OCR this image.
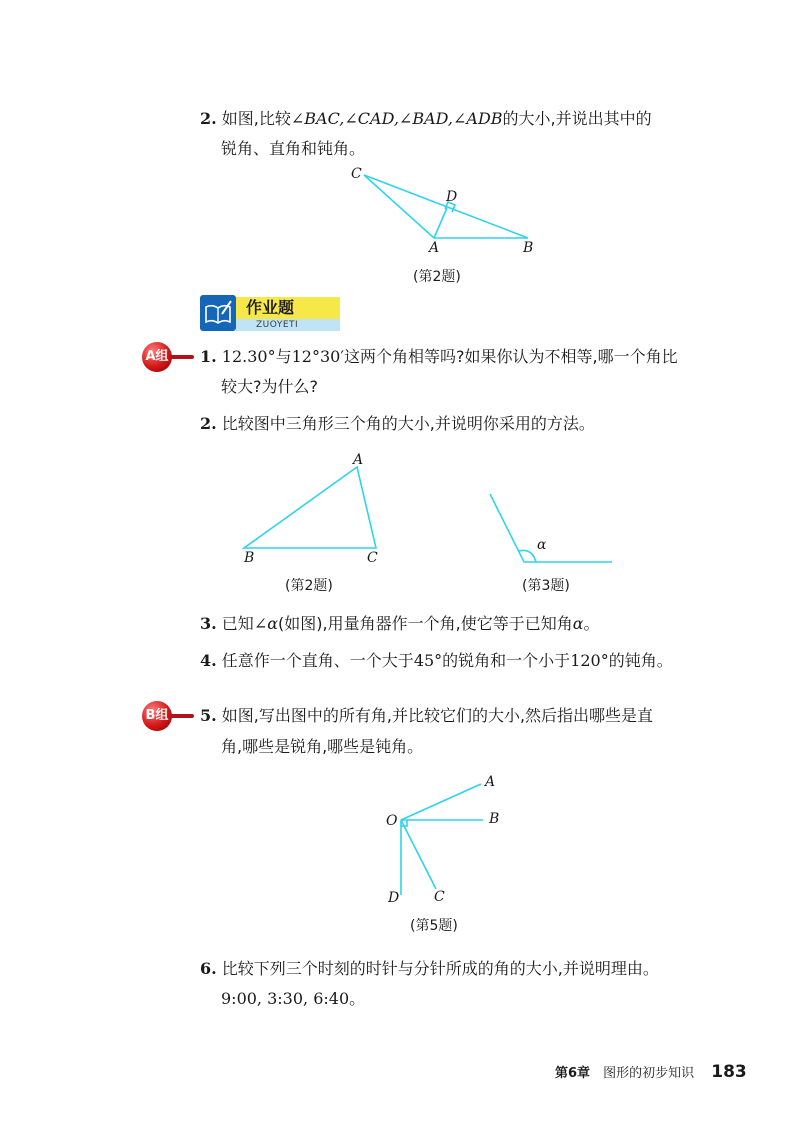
2. 如图,比较∠BAC,∠CAD,∠BAD,∠ADB的大小,并说出其中的
锐角、直角和钝角。
C
D
A	B
(第2题)
作业题
ZUOYETI
A组 1. 12.30°与12°30′这两个角相等吗?如果你认为不相等,哪一个角比
较大?为什么?
2. 比较图中三角形三个角的大小,并说明你采用的方法。
A
B	C
α
(第2题)	(第3题)
3. 已知∠α(如图),用量角器作一个角,使它等于已知角α。
4. 任意作一个直角、一个大于45°的锐角和一个小于120°的钝角。
B组 5. 如图,写出图中的所有角,并比较它们的大小,然后指出哪些是直
角,哪些是锐角,哪些是钝角。
O
A
B
C
D
(第5题)
6. 比较下列三个时刻的时针与分针所成的角的大小,并说明理由。
9:00, 3:30, 6:40。
第6章 图形的初步知识 183
